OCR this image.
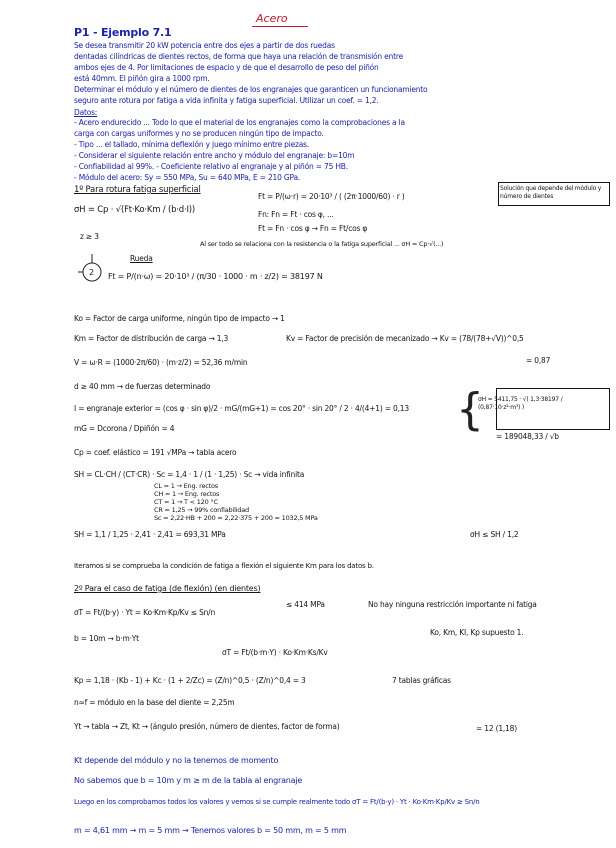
Acero
P1 - Ejemplo 7.1
Se desea transmitir 20 kW potencia entre dos ejes a partir de dos ruedas
dentadas cilíndricas de dientes rectos, de forma que haya una relación de transmisión entre
ambos ejes de 4. Por limitaciones de espacio y de que el desarrollo de peso del piñón
está 40mm. El piñón gira a 1000 rpm.
Determinar el módulo y el número de dientes de los engranajes que garanticen un funcionamiento
seguro ante rotura por fatiga a vida infinita y fatiga superficial. Utilizar un coef. = 1,2.
Datos:
- Acero endurecido ... Todo lo que el material de los engranajes como la comprobaciones a la
carga con cargas uniformes y no se producen ningún tipo de impacto.
- Tipo ... el tallado, mínima deflexión y juego mínimo entre piezas.
- Considerar el siguiente relación entre ancho y módulo del engranaje: b=10m
- Confiabilidad al 99%. - Coeficiente relativo al engranaje y al piñón = 75 HB.
- Módulo del acero: Sy = 550 MPa, Su = 640 MPa, E = 210 GPa.
1º Para rotura fatiga superficial
σH = Cp · √(Ft·Ko·Km / (b·d·I))
Ft = P/(ω·r) = 20·10³ / ( (2π·1000/60) · r )
Solución que depende del módulo y número de dientes
Fn: Fn = Ft · cos φ, ...
Ft = Fn · cos φ → Fn = Ft/cos φ
z ≥ 3
Al ser todo se relaciona con la resistencia o la fatiga superficial ... σH = Cp·√(...)
2
Rueda
Ft = P/(n·ω) = 20·10³ / (π/30 · 1000 · m · z/2) = 38197 N
Ko = Factor de carga uniforme, ningún tipo de impacto → 1
Km = Factor de distribución de carga → 1,3	Kv = Factor de precisión de mecanizado → Kv = (78/(78+√V))^0,5
V = ω·R = (1000·2π/60) · (m·z/2) = 52,36 m/min	= 0,87
d ≥ 40 mm → de fuerzas determinado
I = engranaje exterior = (cos φ · sin φ)/2 · mG/(mG+1) = cos 20° · sin 20° / 2 · 4/(4+1) = 0,13
mG = Dcorona / Dpiñón = 4
Cp = coef. elástico = 191 √MPa → tabla acero
{
σH = 5411,75 · √( 1,3·38197 / (0,87·10·z²·m³) )
= 189048,33 / √b
SH = CL·CH / (CT·CR) · Sc = 1,4 · 1 / (1 · 1,25) · Sc → vida infinita
CL = 1 → Eng. rectos
CH = 1 → Eng. rectos
CT = 1 → T < 120 °C
CR = 1,25 → 99% confiabilidad
Sc = 2,22·HB + 200 = 2,22·375 + 200 = 1032,5 MPa
SH = 1,1 / 1,25 · 2,41 · 2,41 = 693,31 MPa	σH ≤ SH / 1,2
Iteramos si se comprueba la condición de fatiga a flexión el siguiente Km para los datos b.
2º Para el caso de fatiga (de flexión) (en dientes)
σT = Ft/(b·y) · Yt = Ko·Km·Kp/Kv ≤ Sn/n
≤ 414 MPa	No hay ninguna restricción importante ni fatiga
Ko, Km, KI, Kp supuesto 1.
b = 10m → b·m·Yt
σT = Ft/(b·m·Y) · Ko·Km·Ks/Kv
Kp = 1,18 · (Kb - 1) + Kc · (1 + 2/Zc) = (Z/n)^0,5 · (Z/n)^0,4 = 3	7 tablas gráficas
n≈f = módulo en la base del diente = 2,25m
Yt → tabla → Zt, Kt → (ángulo presión, número de dientes, factor de forma)	= 12 (1,18)
Kt depende del módulo y no la tenemos de momento
No sabemos que b = 10m y m ≥ m de la tabla al engranaje
Luego en los comprobamos todos los valores y vemos si se cumple realmente todo σT = Ft/(b·y) · Yt · Ko·Km·Kp/Kv ≥ Sn/n
m = 4,61 mm → m = 5 mm → Tenemos valores b = 50 mm, m = 5 mm
